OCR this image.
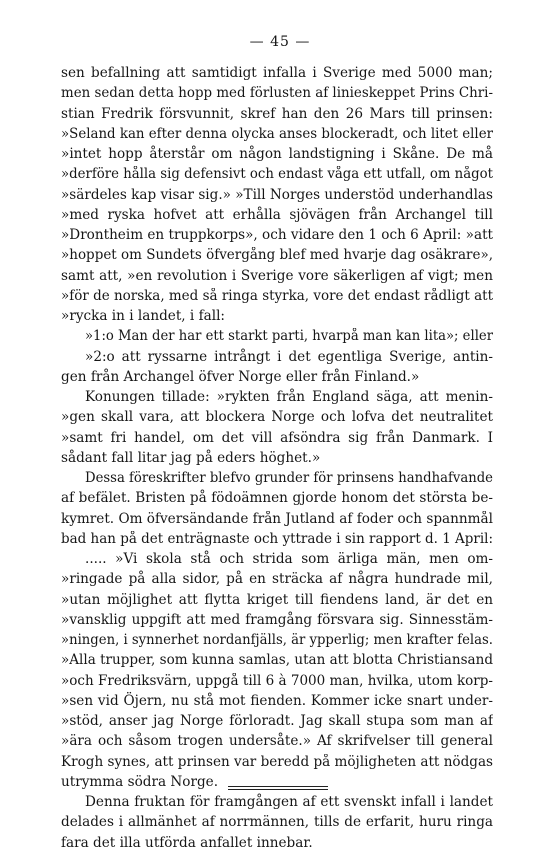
— 45 —
sen befallning att samtidigt infalla i Sverige med 5000 man;
men sedan detta hopp med förlusten af linieskeppet Prins Chri-
stian Fredrik försvunnit, skref han den 26 Mars till prinsen:
»Seland kan efter denna olycka anses blockeradt, och litet eller
»intet hopp återstår om någon landstigning i Skåne. De må
»derföre hålla sig defensivt och endast våga ett utfall, om något
»särdeles kap visar sig.» »Till Norges understöd underhandlas
»med ryska hofvet att erhålla sjövägen från Archangel till
»Drontheim en truppkorps», och vidare den 1 och 6 April: »att
»hoppet om Sundets öfvergång blef med hvarje dag osäkrare»,
samt att, »en revolution i Sverige vore säkerligen af vigt; men
»för de norska, med så ringa styrka, vore det endast rådligt att
»rycka in i landet, i fall:
»1:o Man der har ett starkt parti, hvarpå man kan lita»; eller
»2:o att ryssarne intrångt i det egentliga Sverige, antin-
gen från Archangel öfver Norge eller från Finland.»
Konungen tillade: »rykten från England säga, att menin-
»gen skall vara, att blockera Norge och lofva det neutralitet
»samt fri handel, om det vill afsöndra sig från Danmark. I
sådant fall litar jag på eders höghet.»
Dessa föreskrifter blefvo grunder för prinsens handhafvande
af befälet. Bristen på födoämnen gjorde honom det största be-
kymret. Om öfversändande från Jutland af foder och spannmål
bad han på det enträgnaste och yttrade i sin rapport d. 1 April:
..... »Vi skola stå och strida som ärliga män, men om-
»ringade på alla sidor, på en sträcka af några hundrade mil,
»utan möjlighet att flytta kriget till fiendens land, är det en
»vansklig uppgift att med framgång försvara sig. Sinnesstäm-
»ningen, i synnerhet nordanfjälls, är ypperlig; men krafter felas.
»Alla trupper, som kunna samlas, utan att blotta Christiansand
»och Fredriksvärn, uppgå till 6 à 7000 man, hvilka, utom korp-
»sen vid Öjern, nu stå mot fienden. Kommer icke snart under-
»stöd, anser jag Norge förloradt. Jag skall stupa som man af
»ära och såsom trogen undersåte.» Af skrifvelser till general
Krogh synes, att prinsen var beredd på möjligheten att nödgas
utrymma södra Norge.
Denna fruktan för framgången af ett svenskt infall i landet
delades i allmänhet af norrmännen, tills de erfarit, huru ringa
fara det illa utförda anfallet innebar.
